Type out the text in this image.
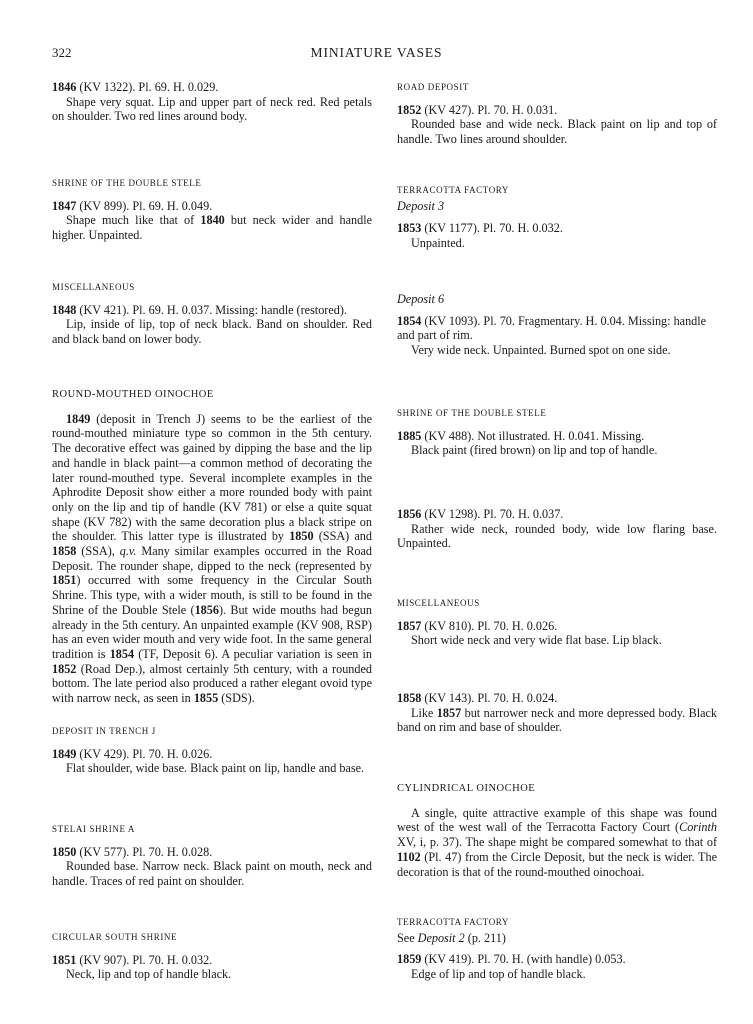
322	MINIATURE VASES

1846 (KV 1322). Pl. 69. H. 0.029.

Shape very squat. Lip and upper part of neck red. Red petals on shoulder. Two red lines around body.

SHRINE OF THE DOUBLE STELE

1847 (KV 899). Pl. 69. H. 0.049.

Shape much like that of 1840 but neck wider and handle higher. Unpainted.

MISCELLANEOUS

1848 (KV 421). Pl. 69. H. 0.037. Missing: handle (restored).

Lip, inside of lip, top of neck black. Band on shoulder. Red and black band on lower body.

ROUND-MOUTHED OINOCHOE

1849 (deposit in Trench J) seems to be the earliest of the round-mouthed miniature type so common in the 5th century. The decorative effect was gained by dipping the base and the lip and handle in black paint—a common method of decorating the later round-mouthed type. Several incomplete examples in the Aphrodite Deposit show either a more rounded body with paint only on the lip and tip of handle (KV 781) or else a quite squat shape (KV 782) with the same decoration plus a black stripe on the shoulder. This latter type is illustrated by 1850 (SSA) and 1858 (SSA), q.v. Many similar examples occurred in the Road Deposit. The rounder shape, dipped to the neck (represented by 1851) occurred with some frequency in the Circular South Shrine. This type, with a wider mouth, is still to be found in the Shrine of the Double Stele (1856). But wide mouths had begun already in the 5th century. An unpainted example (KV 908, RSP) has an even wider mouth and very wide foot. In the same general tradition is 1854 (TF, Deposit 6). A peculiar variation is seen in 1852 (Road Dep.), almost certainly 5th century, with a rounded bottom. The late period also produced a rather elegant ovoid type with narrow neck, as seen in 1855 (SDS).

DEPOSIT IN TRENCH J

1849 (KV 429). Pl. 70. H. 0.026.

Flat shoulder, wide base. Black paint on lip, handle and base.

STELAI SHRINE A

1850 (KV 577). Pl. 70. H. 0.028.

Rounded base. Narrow neck. Black paint on mouth, neck and handle. Traces of red paint on shoulder.

CIRCULAR SOUTH SHRINE

1851 (KV 907). Pl. 70. H. 0.032.

Neck, lip and top of handle black.

ROAD DEPOSIT

1852 (KV 427). Pl. 70. H. 0.031.

Rounded base and wide neck. Black paint on lip and top of handle. Two lines around shoulder.

TERRACOTTA FACTORY
Deposit 3

1853 (KV 1177). Pl. 70. H. 0.032.

Unpainted.

Deposit 6

1854 (KV 1093). Pl. 70. Fragmentary. H. 0.04. Missing: handle and part of rim.

Very wide neck. Unpainted. Burned spot on one side.

SHRINE OF THE DOUBLE STELE

1885 (KV 488). Not illustrated. H. 0.041. Missing.

Black paint (fired brown) on lip and top of handle.

1856 (KV 1298). Pl. 70. H. 0.037.

Rather wide neck, rounded body, wide low flaring base. Unpainted.

MISCELLANEOUS

1857 (KV 810). Pl. 70. H. 0.026.

Short wide neck and very wide flat base. Lip black.

1858 (KV 143). Pl. 70. H. 0.024.

Like 1857 but narrower neck and more depressed body. Black band on rim and base of shoulder.

CYLINDRICAL OINOCHOE

A single, quite attractive example of this shape was found west of the west wall of the Terracotta Factory Court (Corinth XV, i, p. 37). The shape might be compared somewhat to that of 1102 (Pl. 47) from the Circle Deposit, but the neck is wider. The decoration is that of the round-mouthed oinochoai.

TERRACOTTA FACTORY

See Deposit 2 (p. 211)

1859 (KV 419). Pl. 70. H. (with handle) 0.053.

Edge of lip and top of handle black.
